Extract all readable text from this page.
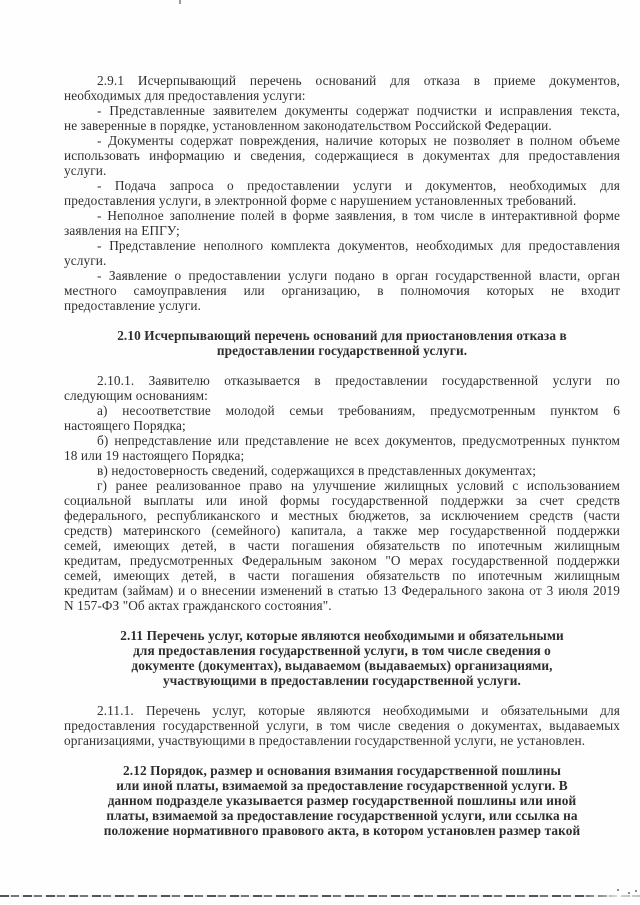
2.9.1 Исчерпывающий перечень оснований для отказа в приеме документов,
необходимых для предоставления услуги:
- Представленные заявителем документы содержат подчистки и исправления текста,
не заверенные в порядке, установленном законодательством Российской Федерации.
- Документы содержат повреждения, наличие которых не позволяет в полном объеме
использовать информацию и сведения, содержащиеся в документах для предоставления
услуги.
- Подача запроса о предоставлении услуги и документов, необходимых для
предоставления услуги, в электронной форме с нарушением установленных требований.
- Неполное заполнение полей в форме заявления, в том числе в интерактивной форме
заявления на ЕПГУ;
- Представление неполного комплекта документов, необходимых для предоставления
услуги.
- Заявление о предоставлении услуги подано в орган государственной власти, орган
местного самоуправления или организацию, в полномочия которых не входит
предоставление услуги.
2.10 Исчерпывающий перечень оснований для приостановления отказа в
предоставлении государственной услуги.
2.10.1. Заявителю отказывается в предоставлении государственной услуги по
следующим основаниям:
а) несоответствие молодой семьи требованиям, предусмотренным пунктом 6
настоящего Порядка;
б) непредставление или представление не всех документов, предусмотренных пунктом
18 или 19 настоящего Порядка;
в) недостоверность сведений, содержащихся в представленных документах;
г) ранее реализованное право на улучшение жилищных условий с использованием
социальной выплаты или иной формы государственной поддержки за счет средств
федерального, республиканского и местных бюджетов, за исключением средств (части
средств) материнского (семейного) капитала, а также мер государственной поддержки
семей, имеющих детей, в части погашения обязательств по ипотечным жилищным
кредитам, предусмотренных Федеральным законом "О мерах государственной поддержки
семей, имеющих детей, в части погашения обязательств по ипотечным жилищным
кредитам (займам) и о внесении изменений в статью 13 Федерального закона от 3 июля 2019
N 157-ФЗ "Об актах гражданского состояния".
2.11 Перечень услуг, которые являются необходимыми и обязательными
для предоставления государственной услуги, в том числе сведения о
документе (документах), выдаваемом (выдаваемых) организациями,
участвующими в предоставлении государственной услуги.
2.11.1. Перечень услуг, которые являются необходимыми и обязательными для
предоставления государственной услуги, в том числе сведения о документах, выдаваемых
организациями, участвующими в предоставлении государственной услуги, не установлен.
2.12 Порядок, размер и основания взимания государственной пошлины
или иной платы, взимаемой за предоставление государственной услуги. В
данном подразделе указывается размер государственной пошлины или иной
платы, взимаемой за предоставление государственной услуги, или ссылка на
положение нормативного правового акта, в котором установлен размер такой
